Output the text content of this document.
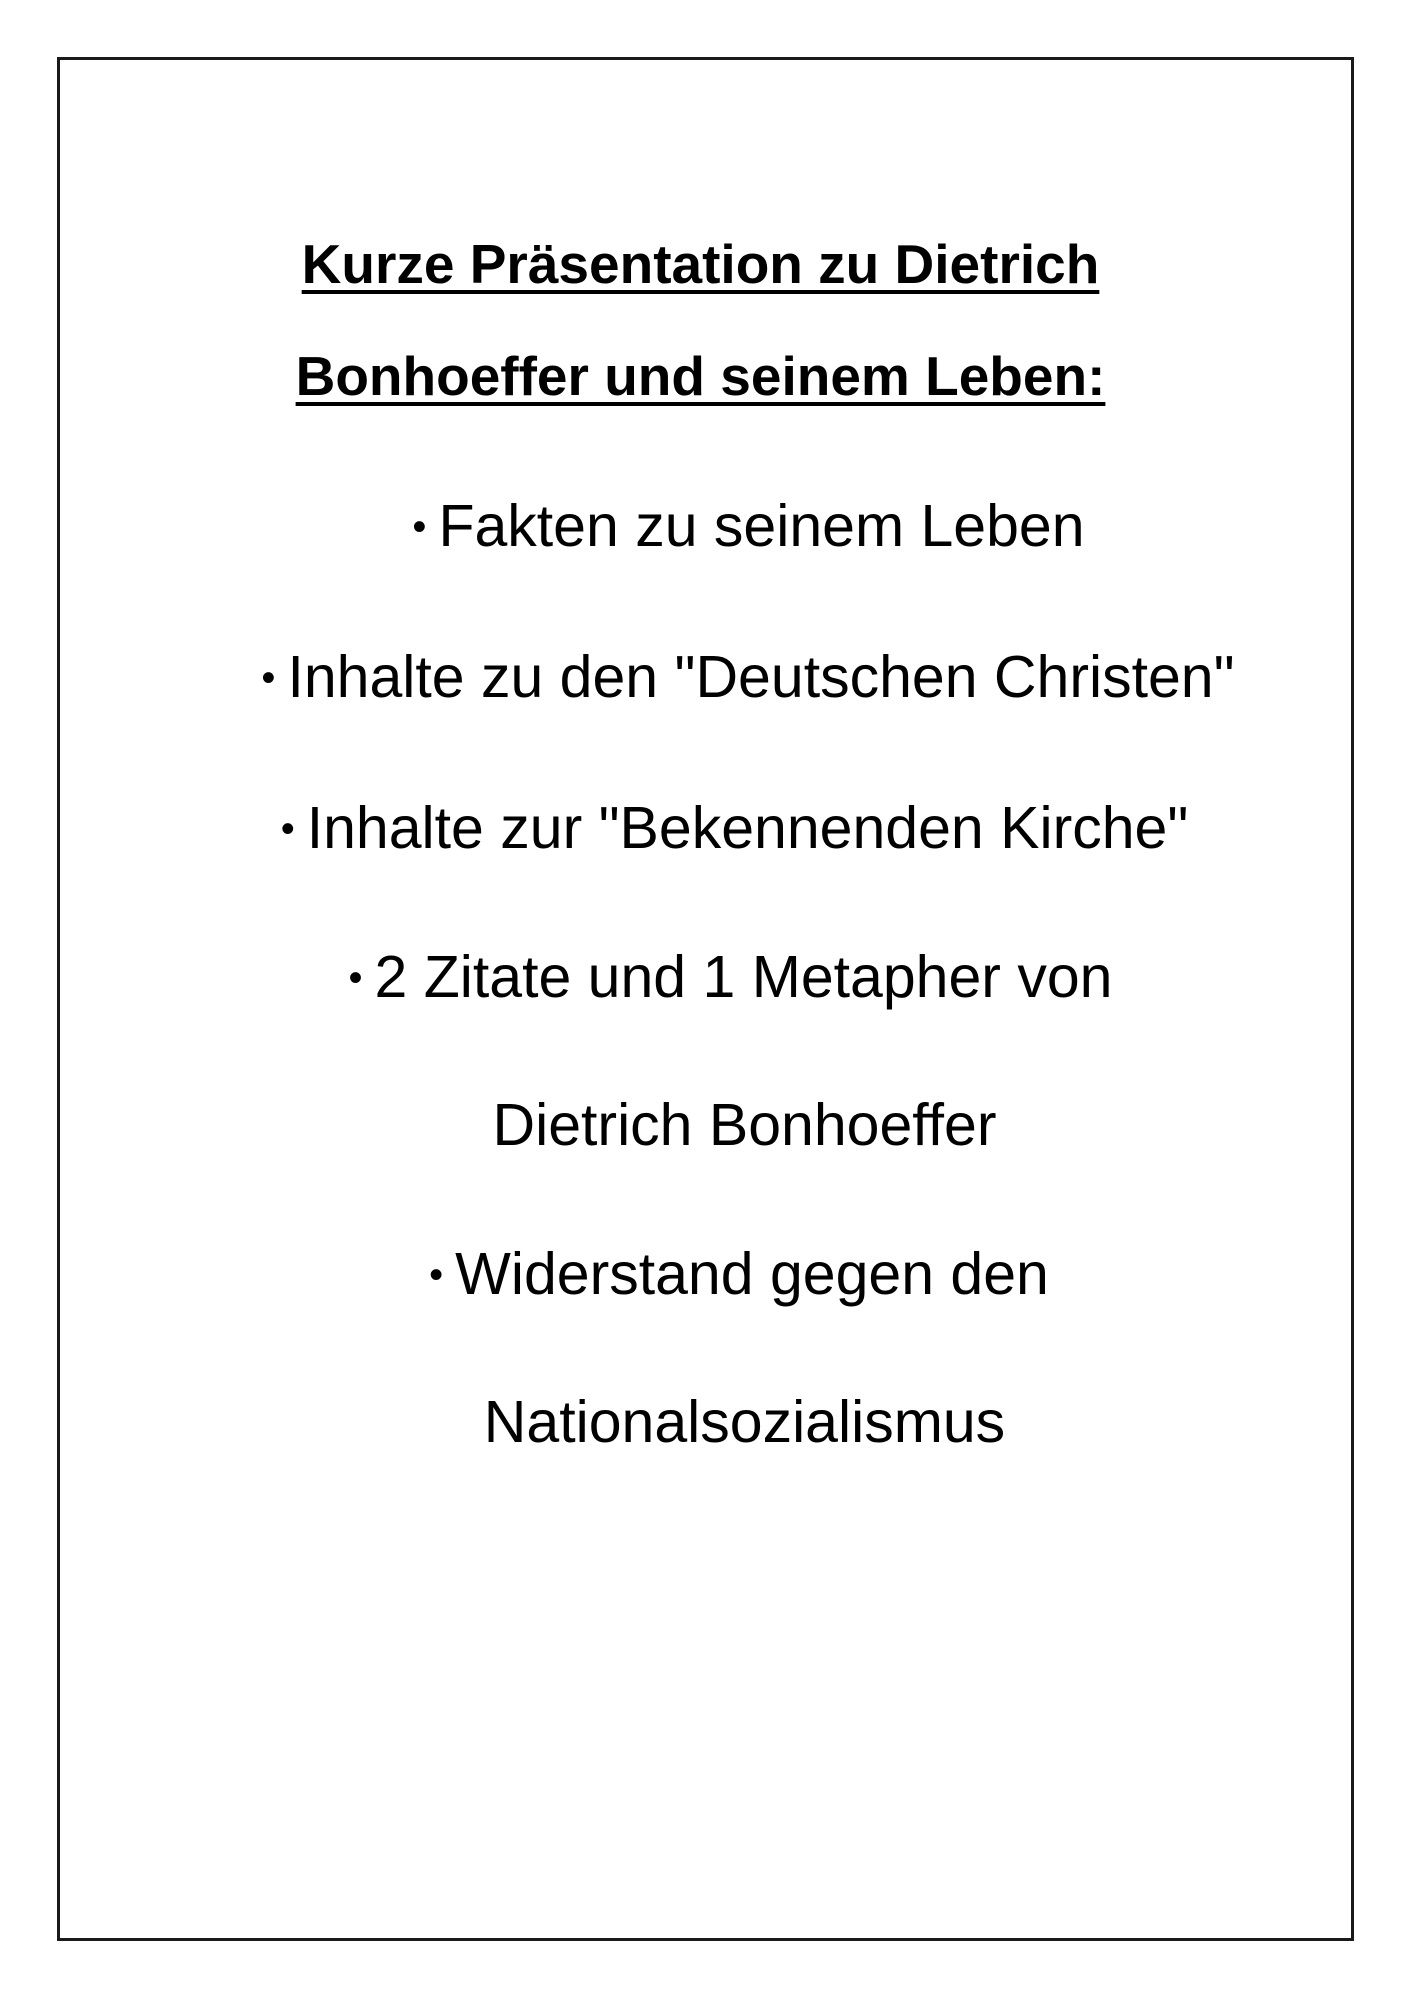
Kurze Präsentation zu Dietrich
Bonhoeffer und seinem Leben:
• Fakten zu seinem Leben
• Inhalte zu den "Deutschen Christen"
• Inhalte zur "Bekennenden Kirche"
• 2 Zitate und 1 Metapher von
Dietrich Bonhoeffer
• Widerstand gegen den
Nationalsozialismus
